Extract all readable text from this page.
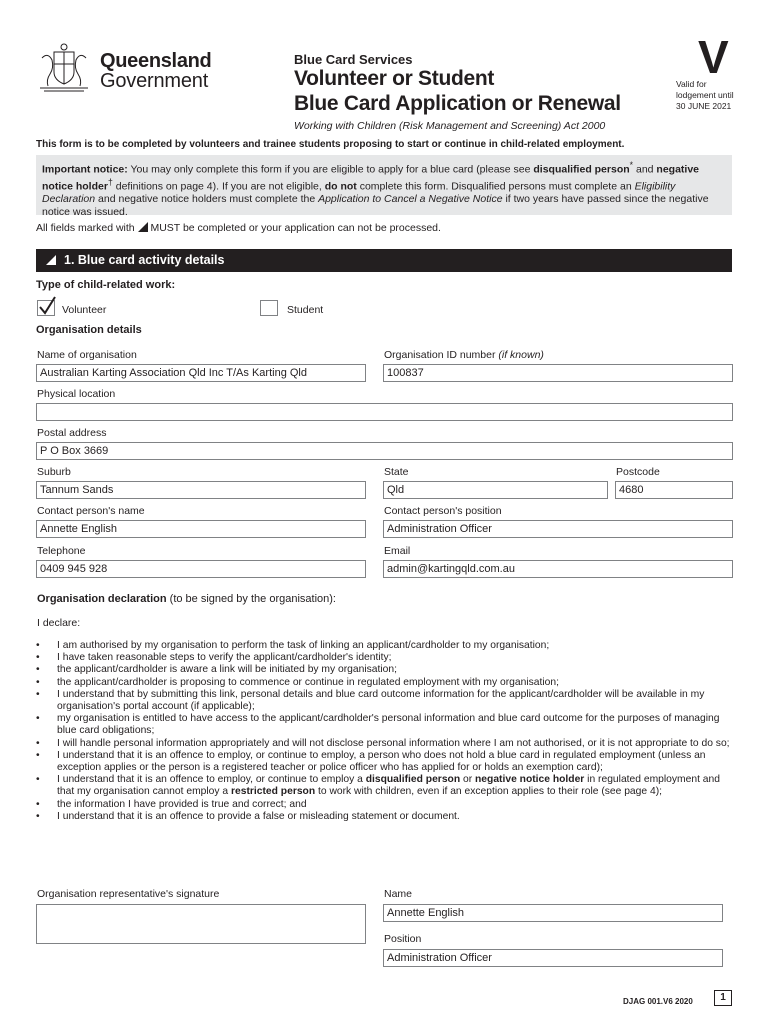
Queensland
Government
Blue Card Services
Volunteer or Student
Blue Card Application or Renewal
V
Valid for
lodgement until
30 JUNE 2021
Working with Children (Risk Management and Screening) Act 2000
This form is to be completed by volunteers and trainee students proposing to start or continue in child-related employment.
Important notice: You may only complete this form if you are eligible to apply for a blue card (please see disqualified person* and negative notice holder† definitions on page 4). If you are not eligible, do not complete this form. Disqualified persons must complete an Eligibility Declaration and negative notice holders must complete the Application to Cancel a Negative Notice if two years have passed since the negative notice was issued.
All fields marked with  MUST be completed or your application can not be processed.
1. Blue card activity details
Type of child-related work:
Volunteer	Student
Organisation details
Name of organisation
Australian Karting Association Qld Inc T/As Karting Qld
Organisation ID number (if known)
100837
Physical location
Postal address
P O Box 3669
Suburb
Tannum Sands
State
Qld
Postcode
4680
Contact person's name
Annette English
Contact person's position
Administration Officer
Telephone
0409 945 928
Email
admin@kartingqld.com.au
Organisation declaration (to be signed by the organisation):
I declare:
• I am authorised by my organisation to perform the task of linking an applicant/cardholder to my organisation;
• I have taken reasonable steps to verify the applicant/cardholder's identity;
• the applicant/cardholder is aware a link will be initiated by my organisation;
• the applicant/cardholder is proposing to commence or continue in regulated employment with my organisation;
• I understand that by submitting this link, personal details and blue card outcome information for the applicant/cardholder will be available in my organisation's portal account (if applicable);
• my organisation is entitled to have access to the applicant/cardholder's personal information and blue card outcome for the purposes of managing blue card obligations;
• I will handle personal information appropriately and will not disclose personal information where I am not authorised, or it is not appropriate to do so;
• I understand that it is an offence to employ, or continue to employ, a person who does not hold a blue card in regulated employment (unless an exception applies or the person is a registered teacher or police officer who has applied for or holds an exemption card);
• I understand that it is an offence to employ, or continue to employ a disqualified person or negative notice holder in regulated employment and that my organisation cannot employ a restricted person to work with children, even if an exception applies to their role (see page 4);
• the information I have provided is true and correct; and
• I understand that it is an offence to provide a false or misleading statement or document.
Organisation representative's signature	Name
Annette English
Position
Administration Officer
DJAG 001.V6 2020	1
